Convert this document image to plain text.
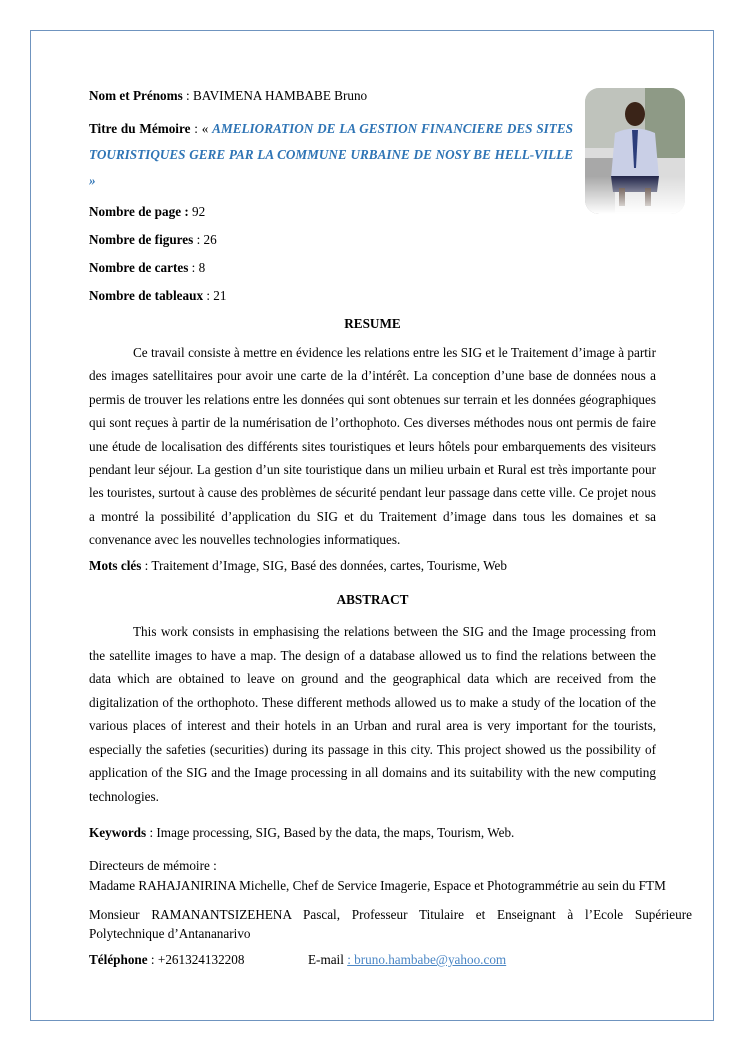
Nom et Prénoms : BAVIMENA HAMBABE Bruno
Titre du Mémoire : « AMELIORATION DE LA GESTION FINANCIERE DES SITES TOURISTIQUES GERE PAR LA COMMUNE URBAINE DE NOSY BE HELL-VILLE »
Nombre de page : 92
Nombre de figures : 26
Nombre de cartes : 8
Nombre de tableaux : 21
RESUME

Ce travail consiste à mettre en évidence les relations entre les SIG et le Traitement d’image à partir des images satellitaires pour avoir une carte de la d’intérêt. La conception d’une base de données nous a permis de trouver les relations entre les données qui sont obtenues sur terrain et les données géographiques qui sont reçues à partir de la numérisation de l’orthophoto. Ces diverses méthodes nous ont permis de faire une étude de localisation des différents sites touristiques et leurs hôtels pour embarquements des visiteurs pendant leur séjour. La gestion d’un site touristique dans un milieu urbain et Rural est très importante pour les touristes, surtout à cause des problèmes de sécurité pendant leur passage dans cette ville. Ce projet nous a montré la possibilité d’application du SIG et du Traitement d’image dans tous les domaines et sa convenance avec les nouvelles technologies informatiques.

Mots clés : Traitement d’Image, SIG, Basé des données, cartes, Tourisme, Web
ABSTRACT

This work consists in emphasising the relations between the SIG and the Image processing from the satellite images to have a map. The design of a database allowed us to find the relations between the data which are obtained to leave on ground and the geographical data which are received from the digitalization of the orthophoto. These different methods allowed us to make a study of the location of the various places of interest and their hotels in an Urban and rural area is very important for the tourists, especially the safeties (securities) during its passage in this city. This project showed us the possibility of application of the SIG and the Image processing in all domains and its suitability with the new computing technologies.

Keywords : Image processing, SIG, Based by the data, the maps, Tourism, Web.
Directeurs de mémoire :
Madame RAHAJANIRINA Michelle, Chef de Service Imagerie, Espace et Photogrammétrie au sein du FTM
Monsieur RAMANANTSIZEHENA Pascal, Professeur Titulaire et Enseignant à l’Ecole Supérieure Polytechnique d’Antananarivo
Téléphone : +261324132208	E-mail : bruno.hambabe@yahoo.com
